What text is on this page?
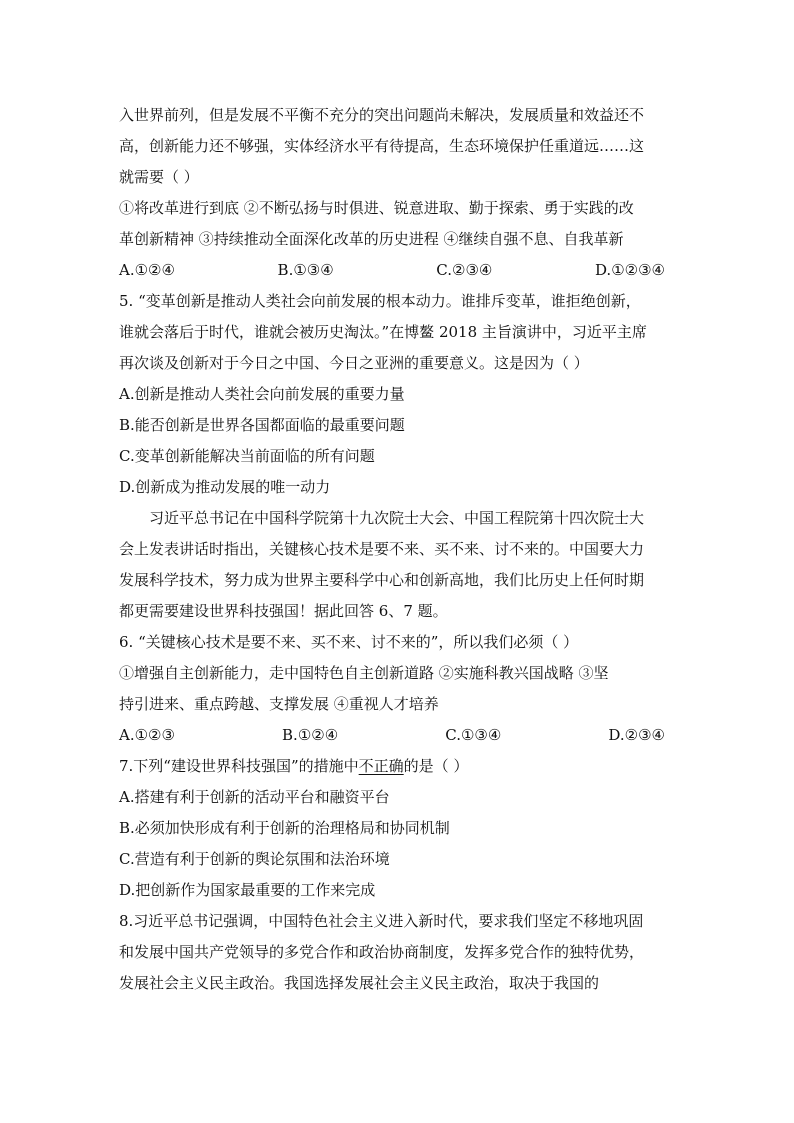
入世界前列，但是发展不平衡不充分的突出问题尚未解决，发展质量和效益还不
高，创新能力还不够强，实体经济水平有待提高，生态环境保护任重道远……这
就需要（ ）
①将改革进行到底 ②不断弘扬与时俱进、锐意进取、勤于探索、勇于实践的改
革创新精神 ③持续推动全面深化改革的历史进程 ④继续自强不息、自我革新
A.①②④	B.①③④	C.②③④	D.①②③④
5. “变革创新是推动人类社会向前发展的根本动力。谁排斥变革，谁拒绝创新，
谁就会落后于时代，谁就会被历史淘汰。”在博鳌 2018 主旨演讲中，习近平主席
再次谈及创新对于今日之中国、今日之亚洲的重要意义。这是因为（ ）
A.创新是推动人类社会向前发展的重要力量
B.能否创新是世界各国都面临的最重要问题
C.变革创新能解决当前面临的所有问题
D.创新成为推动发展的唯一动力
习近平总书记在中国科学院第十九次院士大会、中国工程院第十四次院士大
会上发表讲话时指出，关键核心技术是要不来、买不来、讨不来的。中国要大力
发展科学技术，努力成为世界主要科学中心和创新高地，我们比历史上任何时期
都更需要建设世界科技强国！据此回答 6、7 题。
6. “关键核心技术是要不来、买不来、讨不来的”，所以我们必须（ ）
①增强自主创新能力，走中国特色自主创新道路 ②实施科教兴国战略 ③坚
持引进来、重点跨越、支撑发展 ④重视人才培养
A.①②③	B.①②④	C.①③④	D.②③④
7.下列“建设世界科技强国”的措施中不正确的是（ ）
A.搭建有利于创新的活动平台和融资平台
B.必须加快形成有利于创新的治理格局和协同机制
C.营造有利于创新的舆论氛围和法治环境
D.把创新作为国家最重要的工作来完成
8.习近平总书记强调，中国特色社会主义进入新时代，要求我们坚定不移地巩固
和发展中国共产党领导的多党合作和政治协商制度，发挥多党合作的独特优势，
发展社会主义民主政治。我国选择发展社会主义民主政治，取决于我国的
